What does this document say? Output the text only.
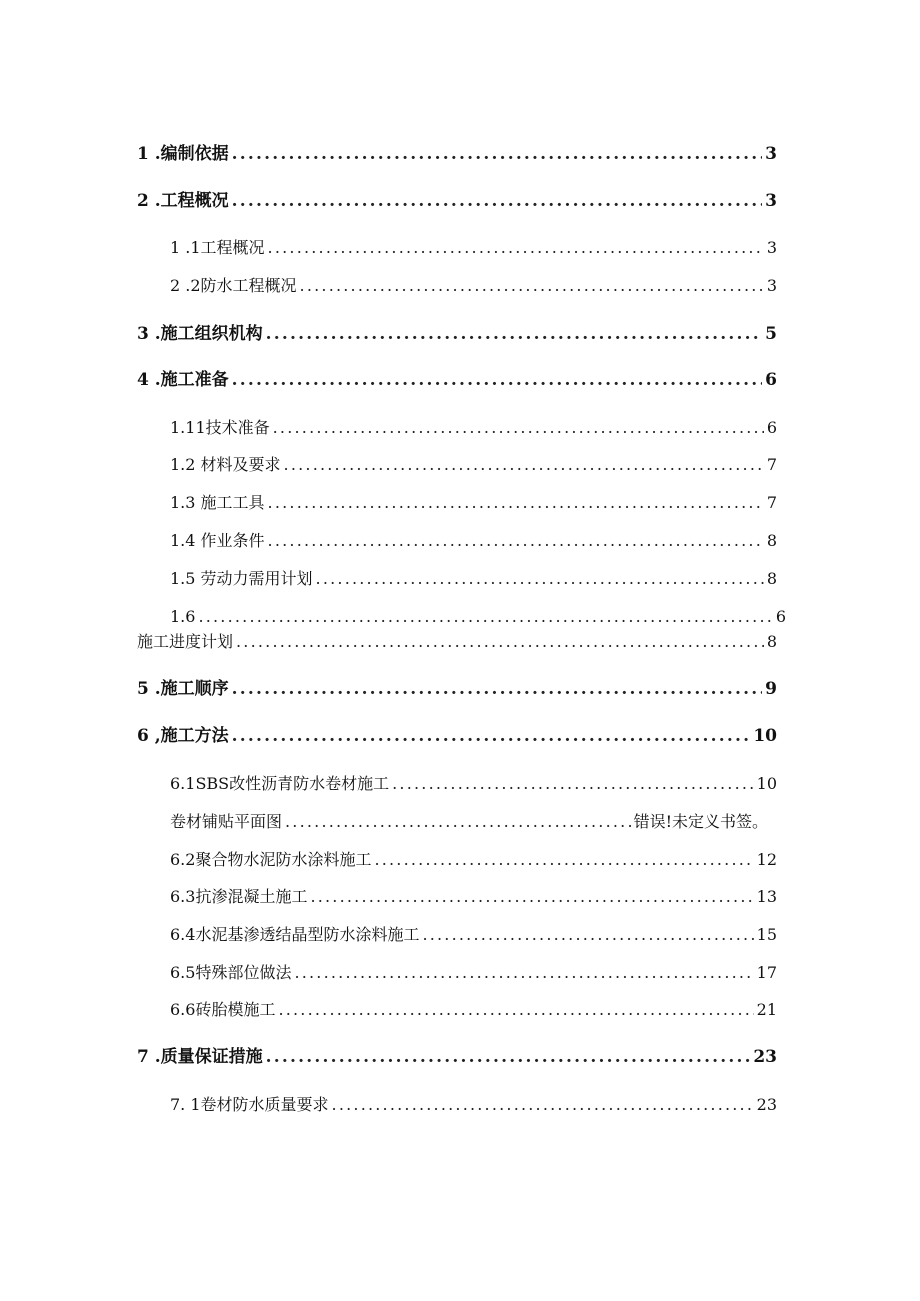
1 .编制依据 .....	3
2 .工程概况 .....	3
1 .1工程概况 .....	3
2 .2防水工程概况 .....	3
3 .施工组织机构 .....	5
4 .施工准备 .....	6
1.11技术准备 .....	6
1.2 材料及要求 .....	7
1.3 施工工具 .....	7
1.4 作业条件 .....	8
1.5 劳动力需用计划 .....	8
1.6 .....	6
施工进度计划 .....	8
5 .施工顺序 .....	9
6 ,施工方法 .....	10
6.1SBS改性沥青防水卷材施工 .....	10
卷材铺贴平面图 .....	错误!未定义书签。
6.2聚合物水泥防水涂料施工 .....	12
6.3抗渗混凝土施工 .....	13
6.4水泥基渗透结晶型防水涂料施工 .....	15
6.5特殊部位做法 .....	17
6.6砖胎模施工 .....	21
7 .质量保证措施 .....	23
7. 1卷材防水质量要求 .....	23
